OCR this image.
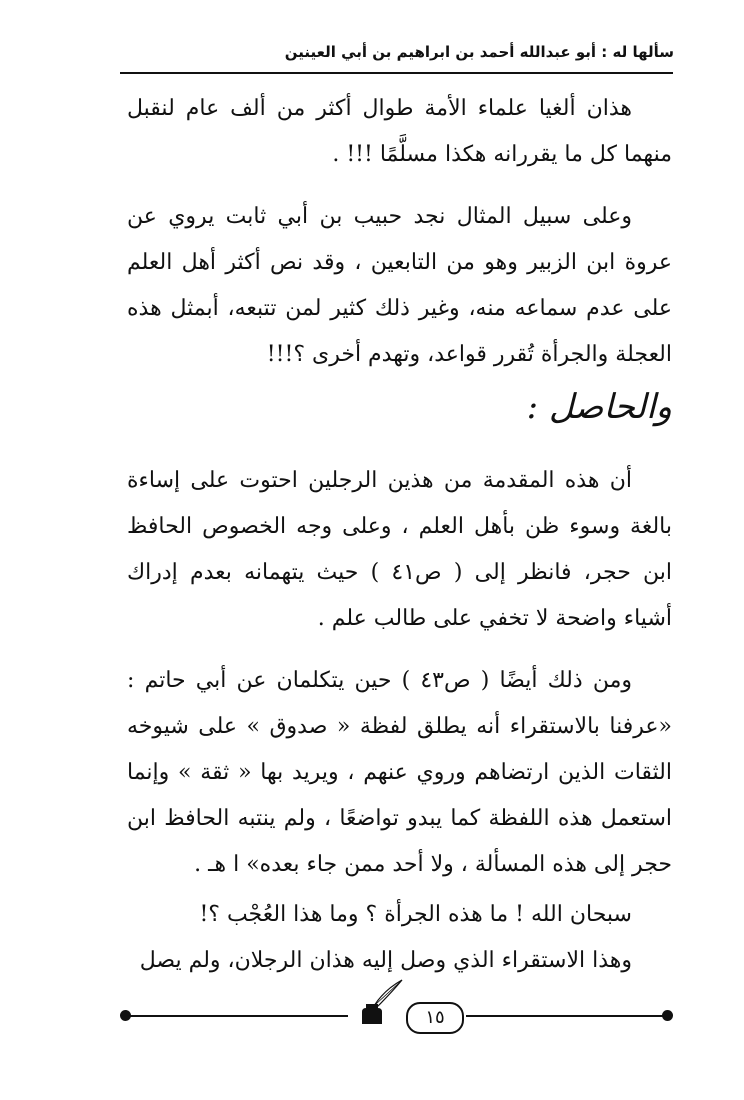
سألها له : أبو عبدالله أحمد بن ابراهيم بن أبي العينين

هذان ألغيا علماء الأمة طوال أكثر من ألف عام لنقبل منهما كل ما يقررانه هكذا مسلَّمًا !!! .

وعلى سبيل المثال نجد حبيب بن أبي ثابت يروي عن عروة ابن الزبير وهو من التابعين ، وقد نص أكثر أهل العلم على عدم سماعه منه، وغير ذلك كثير لمن تتبعه، أبمثل هذه العجلة والجرأة تُقرر قواعد، وتهدم أخرى ؟!!!

والحاصل :

أن هذه المقدمة من هذين الرجلين احتوت على إساءة بالغة وسوء ظن بأهل العلم ، وعلى وجه الخصوص الحافظ ابن حجر، فانظر إلى ( ص٤١ ) حيث يتهمانه بعدم إدراك أشياء واضحة لا تخفي على طالب علم .

ومن ذلك أيضًا ( ص٤٣ ) حين يتكلمان عن أبي حاتم : «عرفنا بالاستقراء أنه يطلق لفظة « صدوق » على شيوخه الثقات الذين ارتضاهم وروي عنهم ، ويريد بها « ثقة » وإنما استعمل هذه اللفظة كما يبدو تواضعًا ، ولم ينتبه الحافظ ابن حجر إلى هذه المسألة ، ولا أحد ممن جاء بعده» ا هـ .

سبحان الله ! ما هذه الجرأة ؟ وما هذا العُجْب ؟!

وهذا الاستقراء الذي وصل إليه هذان الرجلان، ولم يصل

١٥
